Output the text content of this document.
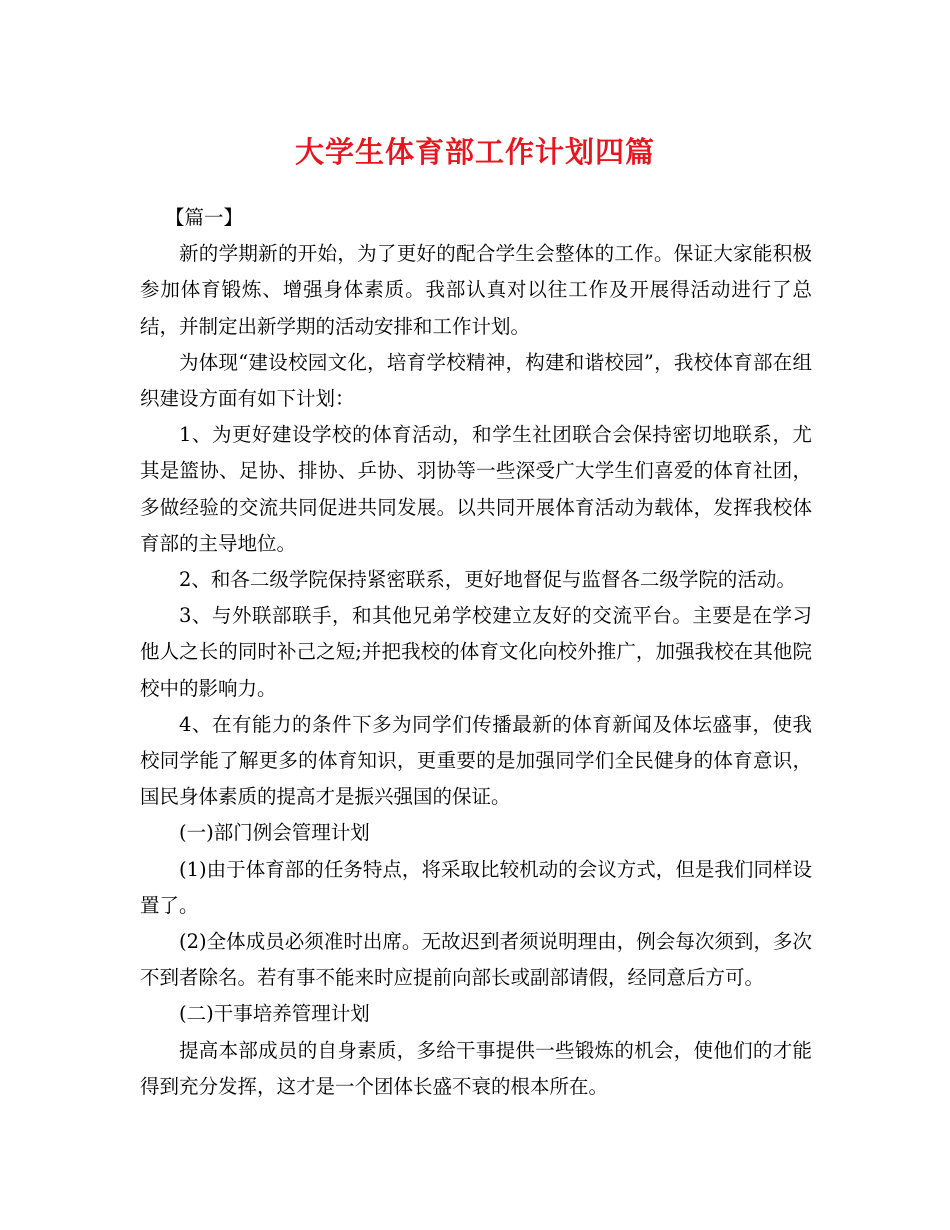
大学生体育部工作计划四篇

【篇一】

新的学期新的开始，为了更好的配合学生会整体的工作。保证大家能积极参加体育锻炼、增强身体素质。我部认真对以往工作及开展得活动进行了总结，并制定出新学期的活动安排和工作计划。

为体现“建设校园文化，培育学校精神，构建和谐校园”，我校体育部在组织建设方面有如下计划：

1、为更好建设学校的体育活动，和学生社团联合会保持密切地联系，尤其是篮协、足协、排协、乒协、羽协等一些深受广大学生们喜爱的体育社团，多做经验的交流共同促进共同发展。以共同开展体育活动为载体，发挥我校体育部的主导地位。

2、和各二级学院保持紧密联系，更好地督促与监督各二级学院的活动。

3、与外联部联手，和其他兄弟学校建立友好的交流平台。主要是在学习他人之长的同时补己之短;并把我校的体育文化向校外推广，加强我校在其他院校中的影响力。

4、在有能力的条件下多为同学们传播最新的体育新闻及体坛盛事，使我校同学能了解更多的体育知识，更重要的是加强同学们全民健身的体育意识，国民身体素质的提高才是振兴强国的保证。

(一)部门例会管理计划

(1)由于体育部的任务特点，将采取比较机动的会议方式，但是我们同样设置了。

(2)全体成员必须准时出席。无故迟到者须说明理由，例会每次须到，多次不到者除名。若有事不能来时应提前向部长或副部请假，经同意后方可。

(二)干事培养管理计划

提高本部成员的自身素质，多给干事提供一些锻炼的机会，使他们的才能得到充分发挥，这才是一个团体长盛不衰的根本所在。
